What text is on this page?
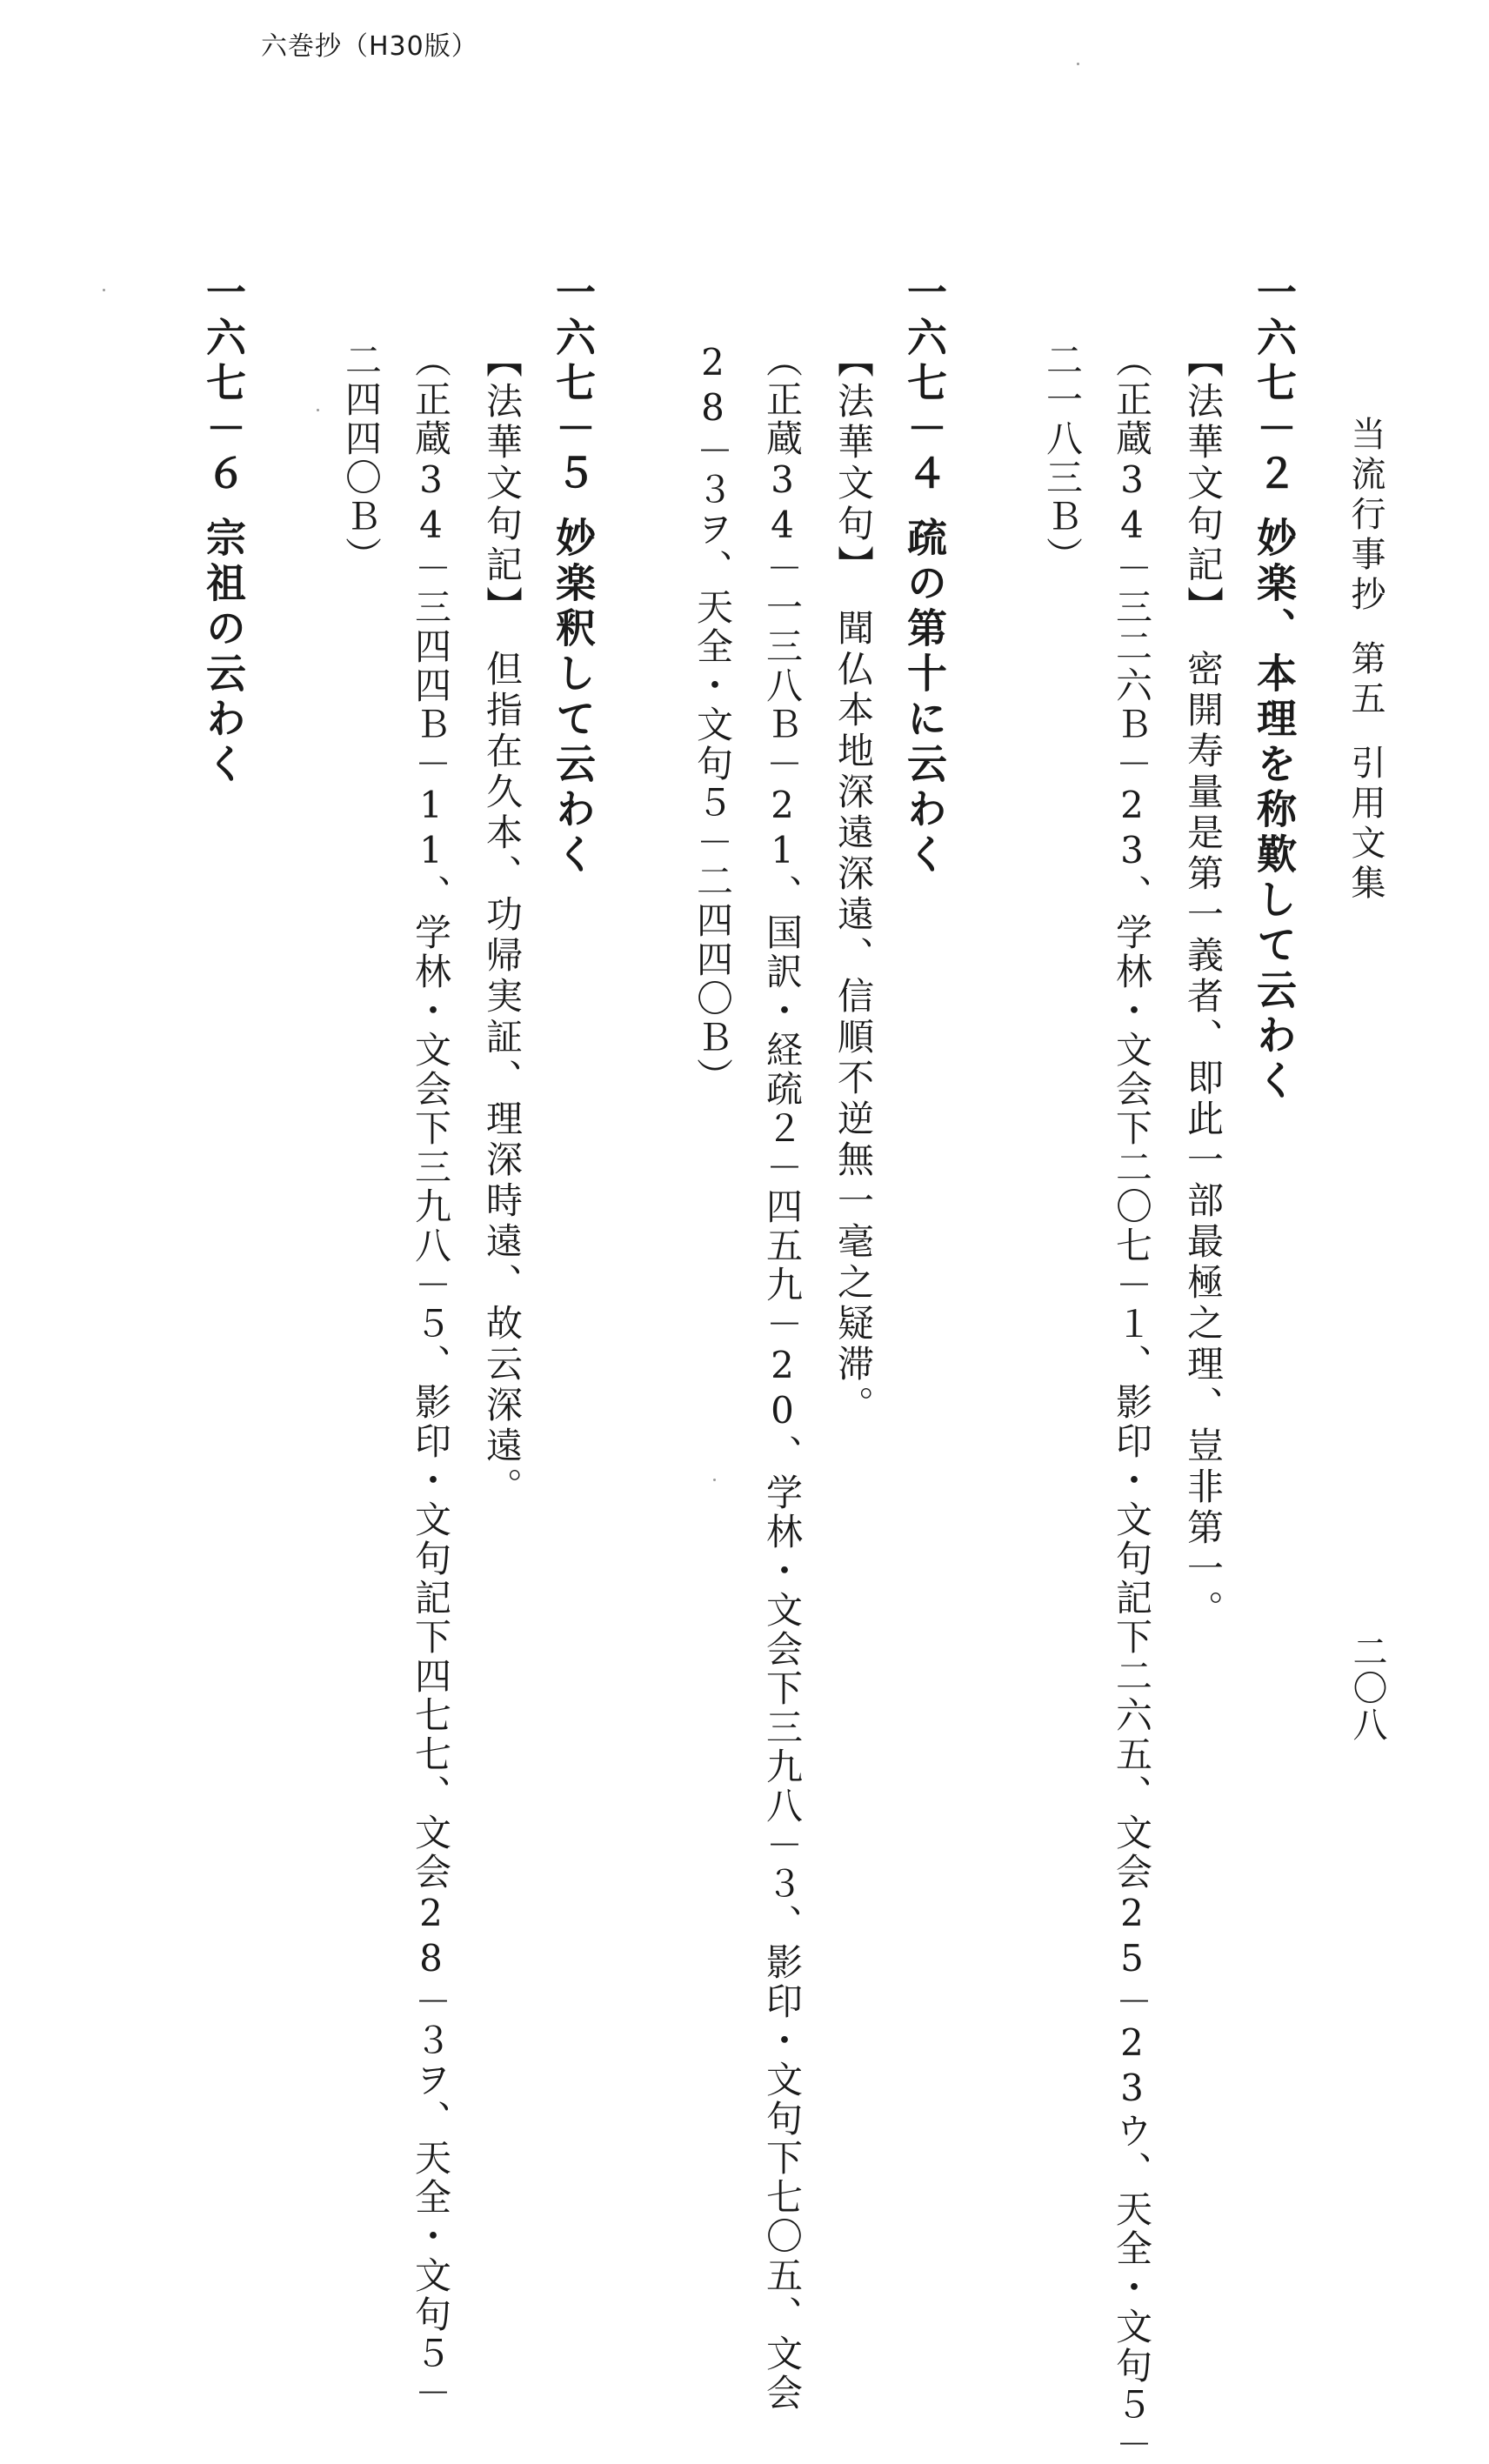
六巻抄（H30版）
当流行事抄第五引用文集
二〇八
一六七－２妙楽、本理を称歎して云わく
【法華文句記】　密開寿量是第一義者、即此一部最極之理、豈非第一。
（正蔵34－三二六Ｂ－23、学林・文会下二〇七－１、影印・文句記下二六五、文会25－23ウ、天全・文句５－
二一八三Ｂ）
一六七－４疏の第十に云わく
【法華文句】　聞仏本地深遠深遠、信順不逆無一毫之疑滞。
（正蔵34－一三八Ｂ－21、国訳・経疏２－四五九－20、学林・文会下三九八－３、影印・文句下七〇五、文会
28－３ヲ、天全・文句５－二四四〇Ｂ）
一六七－５妙楽釈して云わく
【法華文句記】　但指在久本、功帰実証、理深時遠、故云深遠。
（正蔵34－三四四Ｂ－11、学林・文会下三九八－５、影印・文句記下四七七、文会28－３ヲ、天全・文句５－
二四四〇Ｂ）
一六七－６宗祖の云わく
